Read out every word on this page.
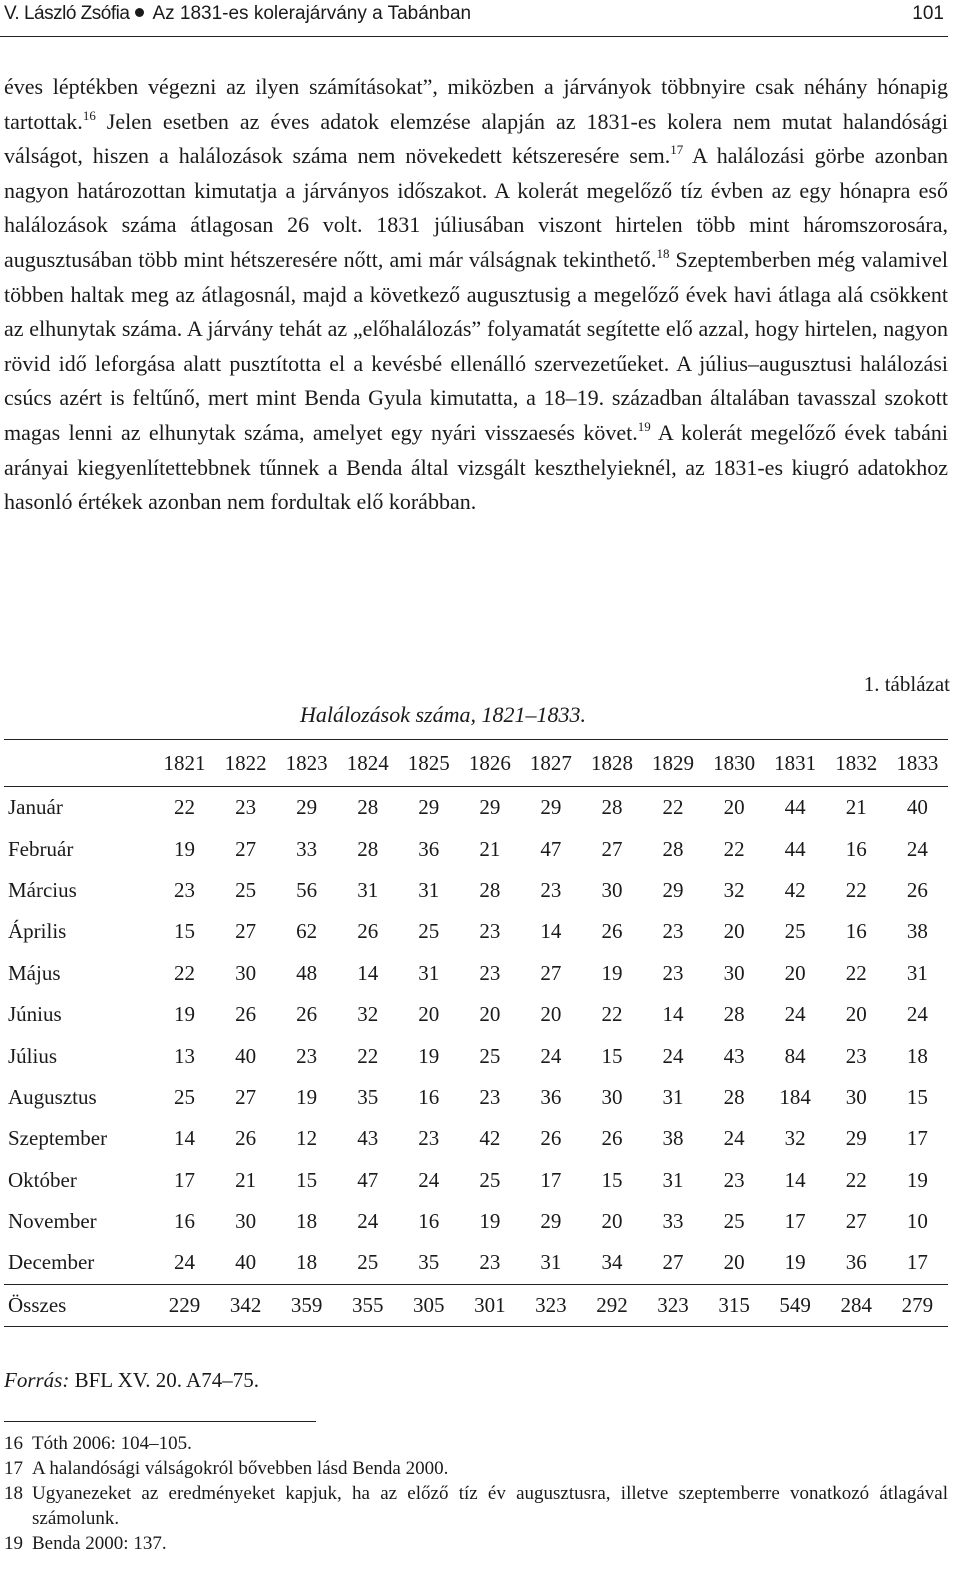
V. László Zsófia Az 1831-es kolerajárvány a Tabánban	101

éves léptékben végezni az ilyen számításokat”, miközben a járványok többnyire csak néhány hónapig tartottak.$^{16}$ Jelen esetben az éves adatok elemzése alapján az 1831-es kolera nem mutat halandósági válságot, hiszen a halálozások száma nem növekedett kétszeresére sem.$^{17}$ A halálozási görbe azonban nagyon határozottan kimutatja a járványos időszakot. A kolerát megelőző tíz évben az egy hónapra eső halálozások száma átlagosan 26 volt. 1831 júliusában viszont hirtelen több mint háromszorosára, augusztusában több mint hétszeresére nőtt, ami már válságnak tekinthető.$^{18}$ Szeptemberben még valamivel többen haltak meg az átlagosnál, majd a következő augusztusig a megelőző évek havi átlaga alá csökkent az elhunytak száma. A járvány tehát az „előhalálozás” folyamatát segítette elő azzal, hogy hirtelen, nagyon rövid idő leforgása alatt pusztította el a kevésbé ellenálló szervezetűeket. A július–augusztusi halálozási csúcs azért is feltűnő, mert mint Benda Gyula kimutatta, a 18–19. században általában tavasszal szokott magas lenni az elhunytak száma, amelyet egy nyári visszaesés követ.$^{19}$ A kolerát megelőző évek tabáni arányai kiegyenlítettebbnek tűnnek a Benda által vizsgált keszthelyieknél, az 1831-es kiugró adatokhoz hasonló értékek azonban nem fordultak elő korábban.

1. táblázat
Halálozások száma, 1821–1833.
	1821	1822	1823	1824	1825	1826	1827	1828	1829	1830	1831	1832	1833
Január	22	23	29	28	29	29	29	28	22	20	44	21	40
Február	19	27	33	28	36	21	47	27	28	22	44	16	24
Március	23	25	56	31	31	28	23	30	29	32	42	22	26
Április	15	27	62	26	25	23	14	26	23	20	25	16	38
Május	22	30	48	14	31	23	27	19	23	30	20	22	31
Június	19	26	26	32	20	20	20	22	14	28	24	20	24
Július	13	40	23	22	19	25	24	15	24	43	84	23	18
Augusztus	25	27	19	35	16	23	36	30	31	28	184	30	15
Szeptember	14	26	12	43	23	42	26	26	38	24	32	29	17
Október	17	21	15	47	24	25	17	15	31	23	14	22	19
November	16	30	18	24	16	19	29	20	33	25	17	27	10
December	24	40	18	25	35	23	31	34	27	20	19	36	17
Összes	229	342	359	355	305	301	323	292	323	315	549	284	279
Forrás: BFL XV. 20. A74–75.
16 Tóth 2006: 104–105.
17 A halandósági válságokról bővebben lásd Benda 2000.
18 Ugyanezeket az eredményeket kapjuk, ha az előző tíz év augusztusra, illetve szeptemberre vonatkozó átlagával számolunk.
19 Benda 2000: 137.
